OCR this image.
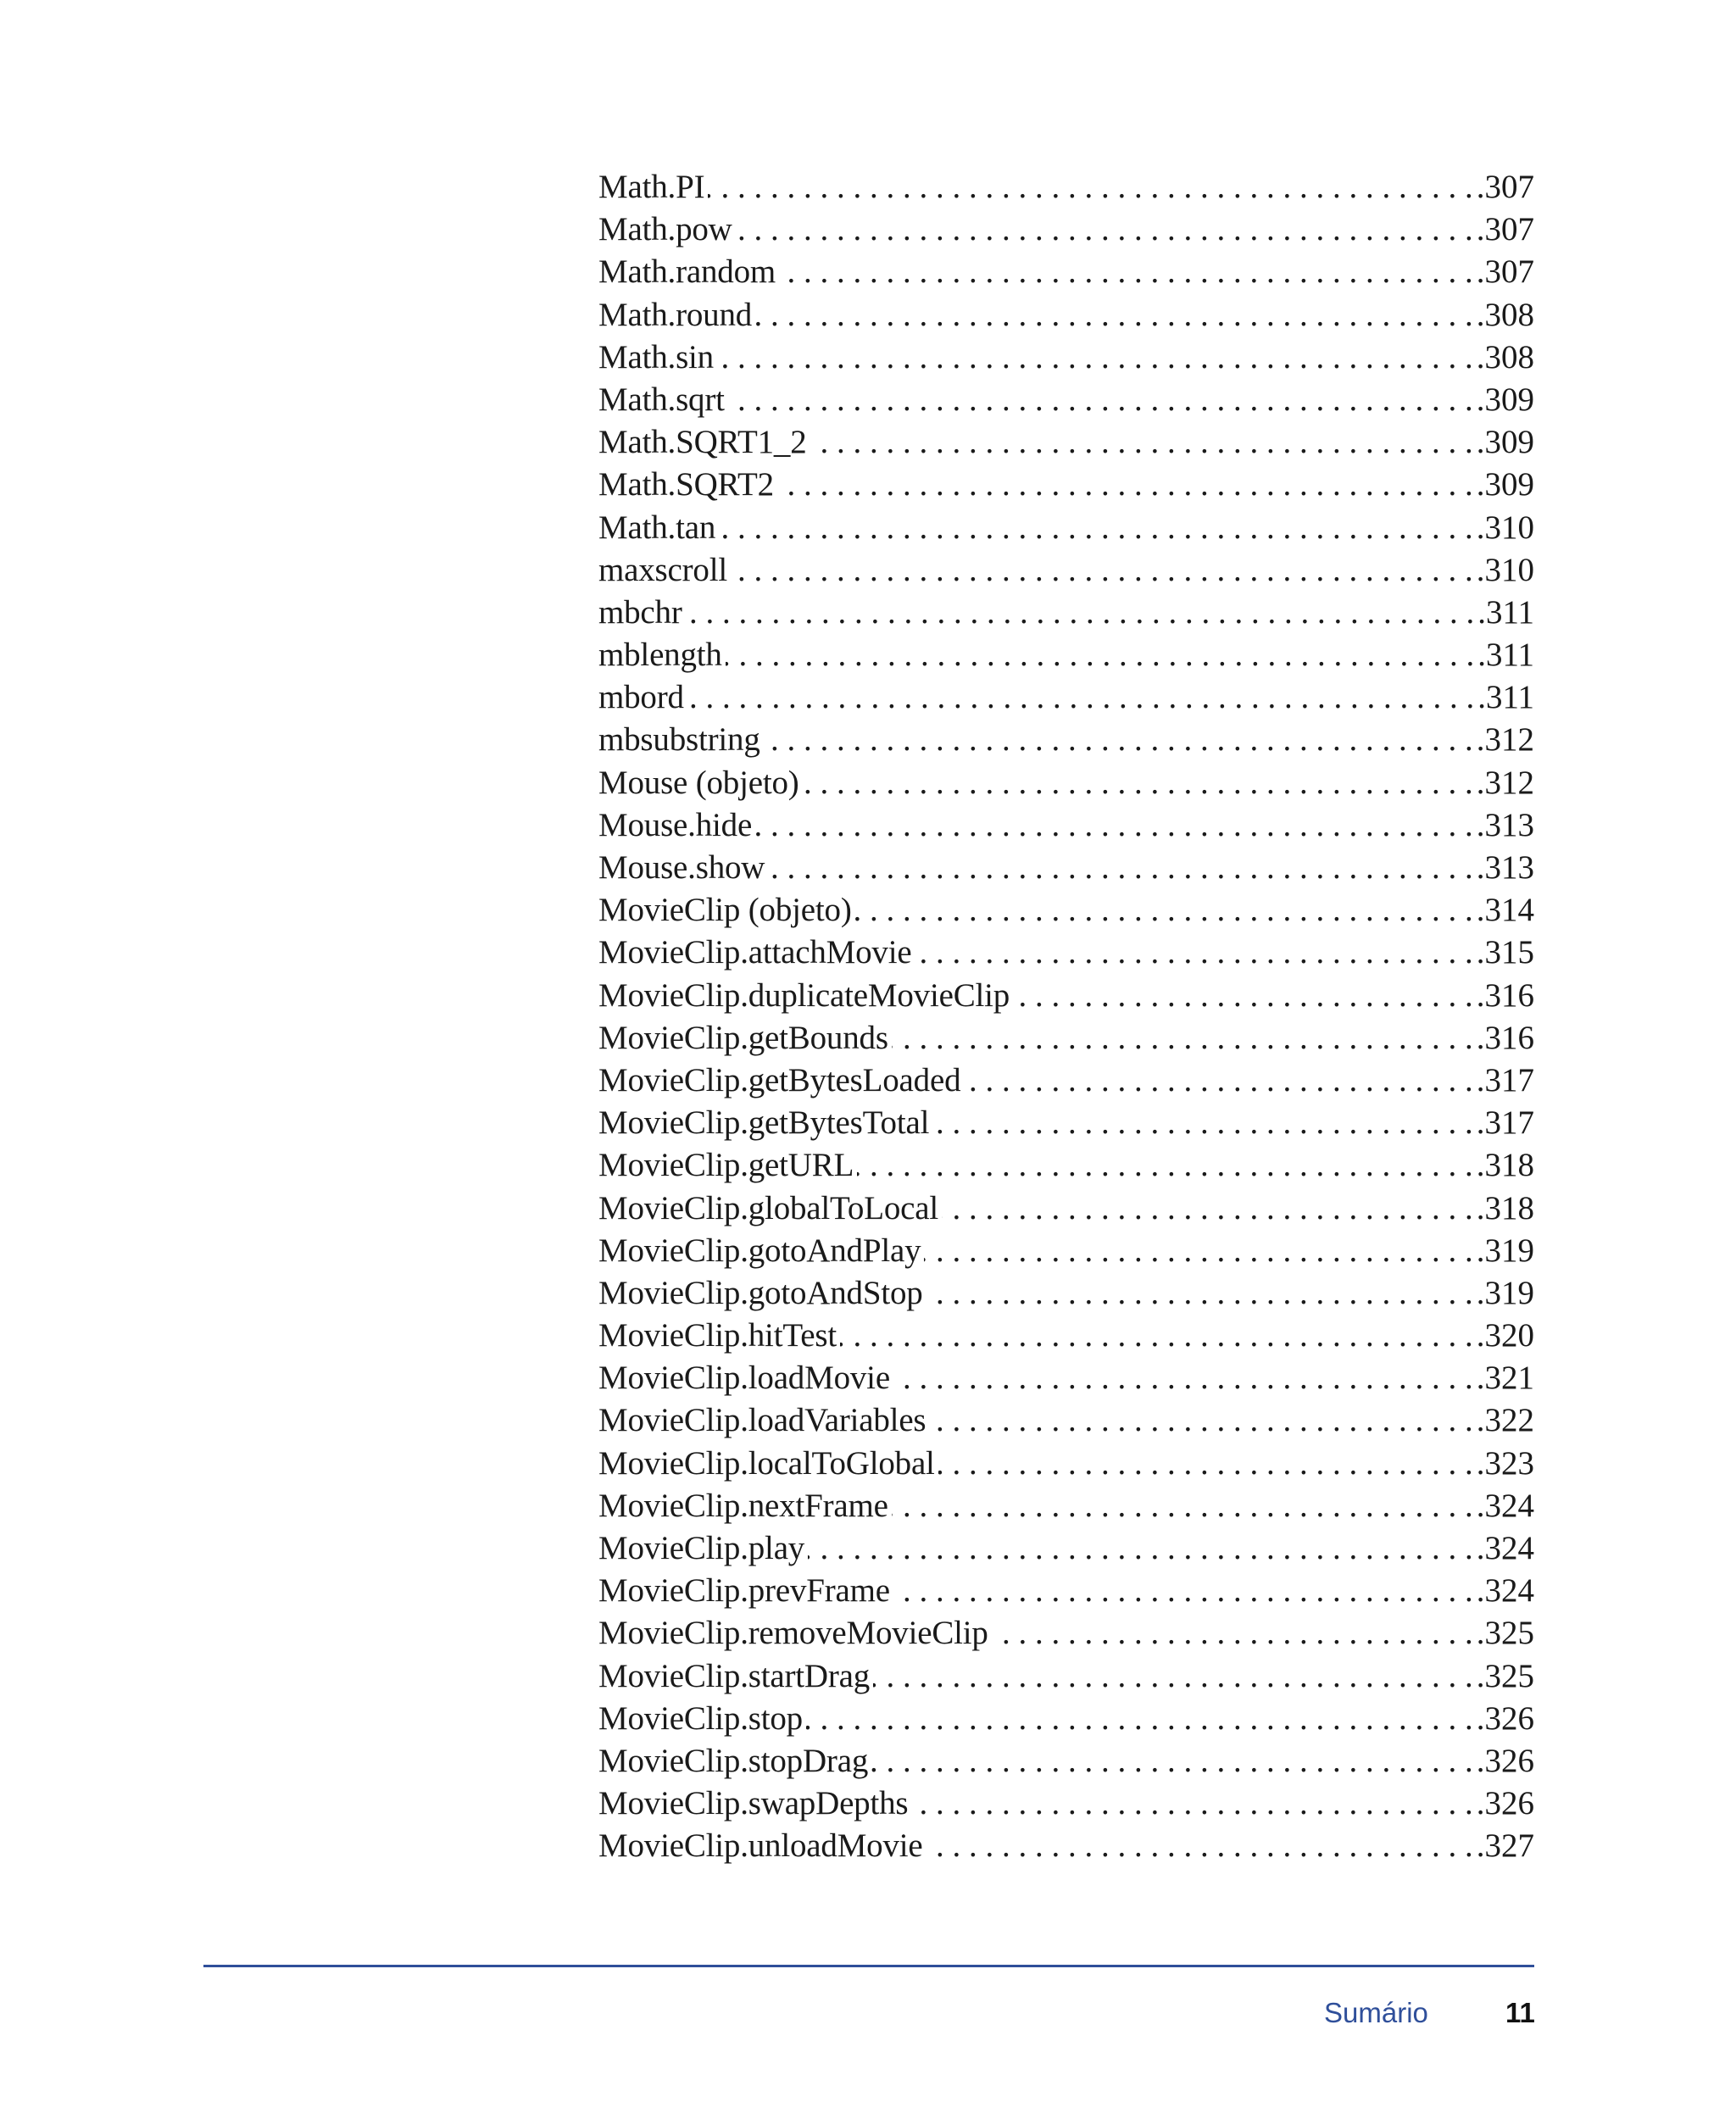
Math.PI . . .	.307
Math.pow . . .	.307
Math.random . . .	.307
Math.round . . .	.308
Math.sin . . .	.308
Math.sqrt . . .	.309
Math.SQRT1_2 . . .	.309
Math.SQRT2 . . .	.309
Math.tan . . .	.310
maxscroll . . .	.310
mbchr . . .	.311
mblength . . .	.311
mbord . . .	.311
mbsubstring . . .	.312
Mouse (objeto) . . .	.312
Mouse.hide . . .	.313
Mouse.show . . .	.313
MovieClip (objeto) . . .	.314
MovieClip.attachMovie . . .	.315
MovieClip.duplicateMovieClip . . .	.316
MovieClip.getBounds . . .	.316
MovieClip.getBytesLoaded . . .	.317
MovieClip.getBytesTotal . . .	.317
MovieClip.getURL . . .	.318
MovieClip.globalToLocal . . .	.318
MovieClip.gotoAndPlay . . .	.319
MovieClip.gotoAndStop . . .	.319
MovieClip.hitTest . . .	.320
MovieClip.loadMovie . . .	.321
MovieClip.loadVariables . . .	.322
MovieClip.localToGlobal . . .	.323
MovieClip.nextFrame . . .	.324
MovieClip.play . . .	.324
MovieClip.prevFrame . . .	.324
MovieClip.removeMovieClip . . .	.325
MovieClip.startDrag . . .	.325
MovieClip.stop . . .	.326
MovieClip.stopDrag . . .	.326
MovieClip.swapDepths . . .	.326
MovieClip.unloadMovie . . .	.327
Sumário	11
